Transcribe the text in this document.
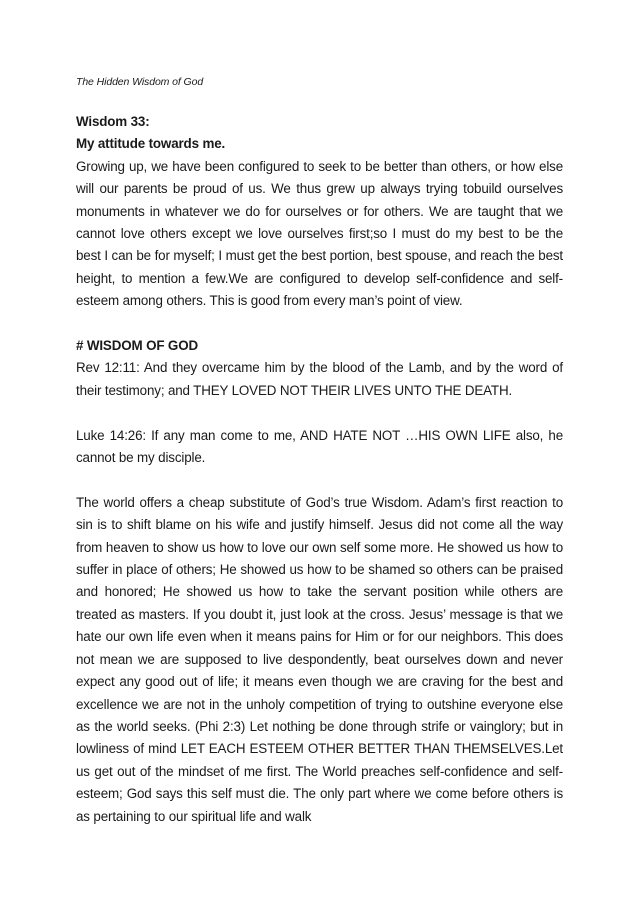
The Hidden Wisdom of God

Wisdom 33:

My attitude towards me.

Growing up, we have been configured to seek to be better than others, or how else will our parents be proud of us. We thus grew up always trying tobuild ourselves monuments in whatever we do for ourselves or for others. We are taught that we cannot love others except we love ourselves first;so I must do my best to be the best I can be for myself; I must get the best portion, best spouse, and reach the best height, to mention a few.We are configured to develop self-confidence and self-esteem among others. This is good from every man’s point of view.

# WISDOM OF GOD

Rev 12:11: And they overcame him by the blood of the Lamb, and by the word of their testimony; and THEY LOVED NOT THEIR LIVES UNTO THE DEATH.

Luke 14:26: If any man come to me, AND HATE NOT …HIS OWN LIFE also, he cannot be my disciple.

The world offers a cheap substitute of God’s true Wisdom. Adam’s first reaction to sin is to shift blame on his wife and justify himself. Jesus did not come all the way from heaven to show us how to love our own self some more. He showed us how to suffer in place of others; He showed us how to be shamed so others can be praised and honored; He showed us how to take the servant position while others are treated as masters. If you doubt it, just look at the cross. Jesus’ message is that we hate our own life even when it means pains for Him or for our neighbors. This does not mean we are supposed to live despondently, beat ourselves down and never expect any good out of life; it means even though we are craving for the best and excellence we are not in the unholy competition of trying to outshine everyone else as the world seeks. (Phi 2:3) Let nothing be done through strife or vainglory; but in lowliness of mind LET EACH ESTEEM OTHER BETTER THAN THEMSELVES.Let us get out of the mindset of me first. The World preaches self-confidence and self-esteem; God says this self must die. The only part where we come before others is as pertaining to our spiritual life and walk
